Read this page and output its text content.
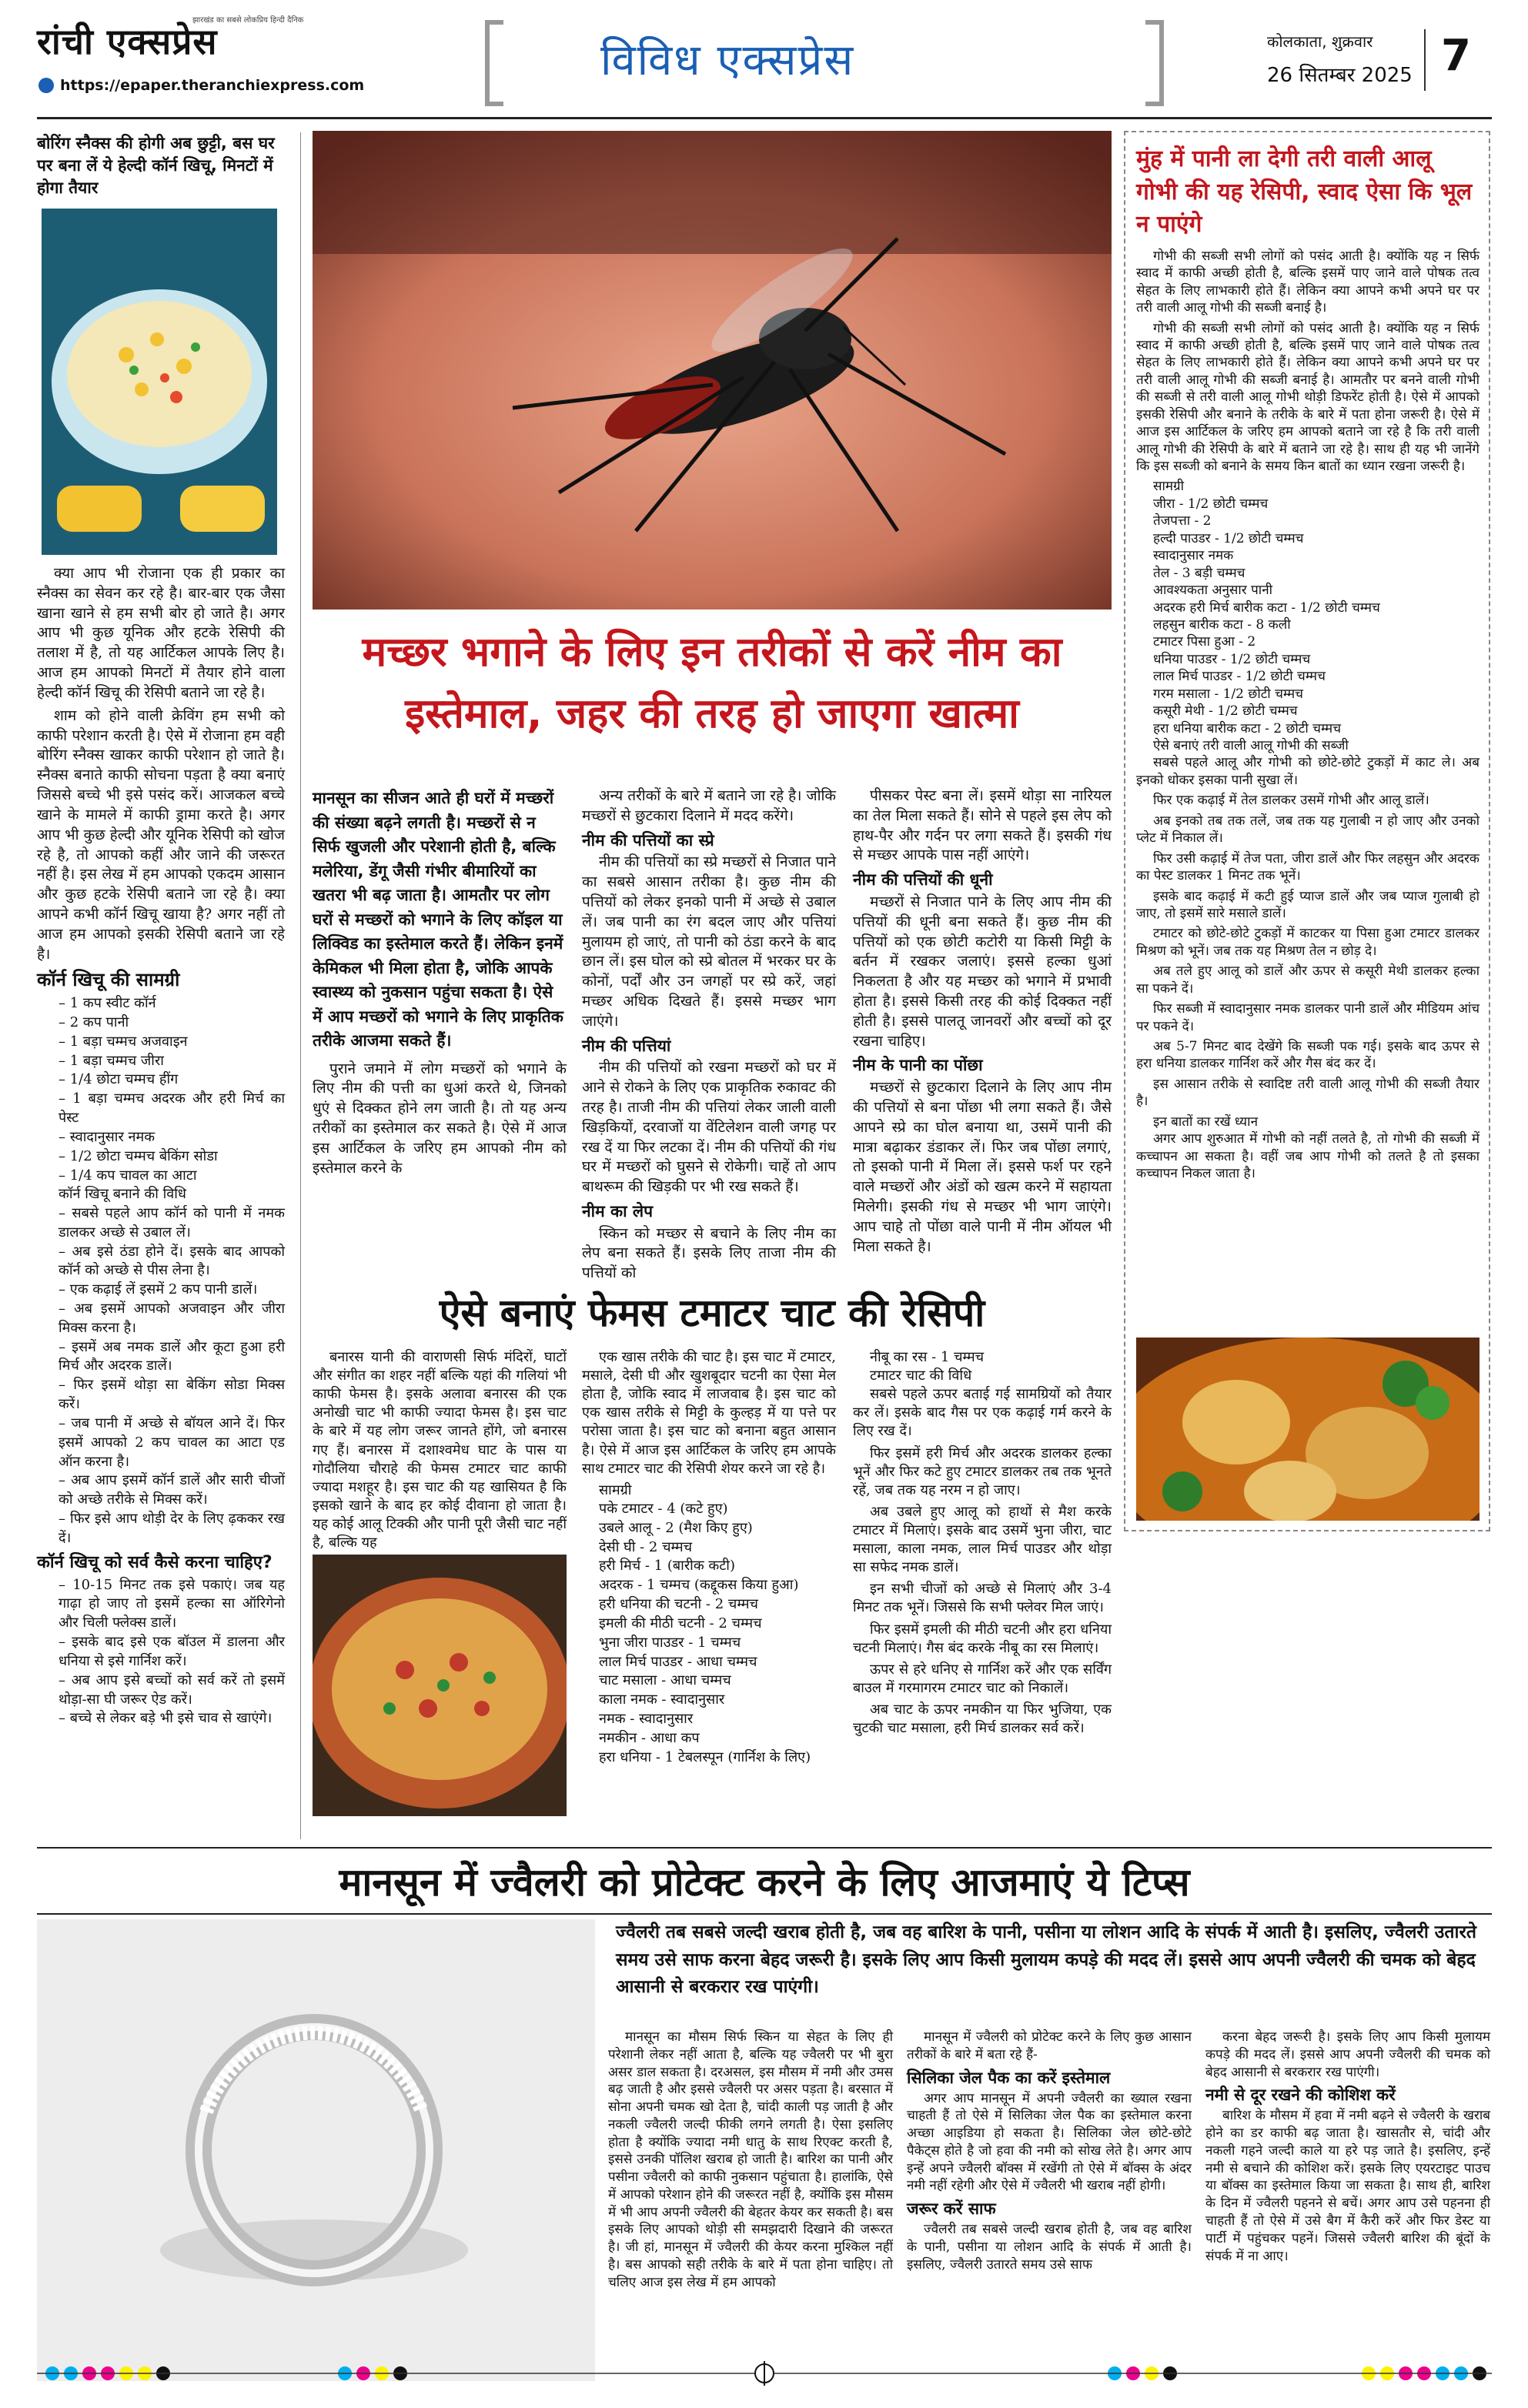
रांची एक्सप्रेस
झारखंड का सबसे लोकप्रिय हिन्दी दैनिक
https://epaper.theranchiexpress.com	विविध एक्सप्रेस	कोलकाता, शुक्रवार
26 सितम्बर 2025 7
बोरिंग स्नैक्स की होगी अब छुट्टी, बस घर पर बना लें ये हेल्दी कॉर्न खिचू, मिनटों में होगा तैयार

क्या आप भी रोजाना एक ही प्रकार का स्नैक्स का सेवन कर रहे है। बार-बार एक जैसा खाना खाने से हम सभी बोर हो जाते है। अगर आप भी कुछ यूनिक और हटके रेसिपी की तलाश में है, तो यह आर्टिकल आपके लिए है। आज हम आपको मिनटों में तैयार होने वाला हेल्दी कॉर्न खिचू की रेसिपी बताने जा रहे है।

शाम को होने वाली क्रेविंग हम सभी को काफी परेशान करती है। ऐसे में रोजाना हम वही बोरिंग स्नैक्स खाकर काफी परेशान हो जाते है। स्नैक्स बनाते काफी सोचना पड़ता है क्या बनाएं जिससे बच्चे भी इसे पसंद करें। आजकल बच्चे खाने के मामले में काफी ड्रामा करते है। अगर आप भी कुछ हेल्दी और यूनिक रेसिपी को खोज रहे है, तो आपको कहीं और जाने की जरूरत नहीं है। इस लेख में हम आपको एकदम आसान और कुछ हटके रेसिपी बताने जा रहे है। क्या आपने कभी कॉर्न खिचू खाया है? अगर नहीं तो आज हम आपको इसकी रेसिपी बताने जा रहे है।

कॉर्न खिचू की सामग्री
– 1 कप स्वीट कॉर्न
– 2 कप पानी
– 1 बड़ा चम्मच अजवाइन
– 1 बड़ा चम्मच जीरा
– 1/4 छोटा चम्मच हींग
– 1 बड़ा चम्मच अदरक और हरी मिर्च का पेस्ट
– स्वादानुसार नमक
– 1/2 छोटा चम्मच बेकिंग सोडा
– 1/4 कप चावल का आटा
कॉर्न खिचू बनाने की विधि
– सबसे पहले आप कॉर्न को पानी में नमक डालकर अच्छे से उबाल लें।
– अब इसे ठंडा होने दें। इसके बाद आपको कॉर्न को अच्छे से पीस लेना है।
– एक कढ़ाई लें इसमें 2 कप पानी डालें।
– अब इसमें आपको अजवाइन और जीरा मिक्स करना है।
– इसमें अब नमक डालें और कूटा हुआ हरी मिर्च और अदरक डालें।
– फिर इसमें थोड़ा सा बेकिंग सोडा मिक्स करें।
– जब पानी में अच्छे से बॉयल आने दें। फिर इसमें आपको 2 कप चावल का आटा एड ऑन करना है।
– अब आप इसमें कॉर्न डालें और सारी चीजों को अच्छे तरीके से मिक्स करें।
– फिर इसे आप थोड़ी देर के लिए ढ़ककर रख दें।
कॉर्न खिचू को सर्व कैसे करना चाहिए?
– 10-15 मिनट तक इसे पकाएं। जब यह गाढ़ा हो जाए तो इसमें हल्का सा ऑरिगेनो और चिली फ्लेक्स डालें।
– इसके बाद इसे एक बॉउल में डालना और धनिया से इसे गार्निश करें।
– अब आप इसे बच्चों को सर्व करें तो इसमें थोड़ा-सा घी जरूर ऐड करें।
– बच्चे से लेकर बड़े भी इसे चाव से खाएंगे।
मच्छर भगाने के लिए इन तरीकों से करें नीम का
इस्तेमाल, जहर की तरह हो जाएगा खात्मा
मानसून का सीजन आते ही घरों में मच्छरों की संख्या बढ़ने लगती है। मच्छरों से न सिर्फ खुजली और परेशानी होती है, बल्कि मलेरिया, डेंगू जैसी गंभीर बीमारियों का खतरा भी बढ़ जाता है। आमतौर पर लोग घरों से मच्छरों को भगाने के लिए कॉइल या लिक्विड का इस्तेमाल करते हैं। लेकिन इनमें केमिकल भी मिला होता है, जोकि आपके स्वास्थ्य को नुकसान पहुंचा सकता है। ऐसे में आप मच्छरों को भगाने के लिए प्राकृतिक तरीके आजमा सकते हैं।

पुराने जमाने में लोग मच्छरों को भगाने के लिए नीम की पत्ती का धुआं करते थे, जिनको धुएं से दिक्कत होने लग जाती है। तो यह अन्य तरीकों का इस्तेमाल कर सकते है। ऐसे में आज इस आर्टिकल के जरिए हम आपको नीम को इस्तेमाल करने के

अन्य तरीकों के बारे में बताने जा रहे है। जोकि मच्छरों से छुटकारा दिलाने में मदद करेंगे।

नीम की पत्तियों का स्प्रे

नीम की पत्तियों का स्प्रे मच्छरों से निजात पाने का सबसे आसान तरीका है। कुछ नीम की पत्तियों को लेकर इनको पानी में अच्छे से उबाल लें। जब पानी का रंग बदल जाए और पत्तियां मुलायम हो जाएं, तो पानी को ठंडा करने के बाद छान लें। इस घोल को स्प्रे बोतल में भरकर घर के कोनों, पर्दों और उन जगहों पर स्प्रे करें, जहां मच्छर अधिक दिखते हैं। इससे मच्छर भाग जाएंगे।

नीम की पत्तियां

नीम की पत्तियों को रखना मच्छरों को घर में आने से रोकने के लिए एक प्राकृतिक रुकावट की तरह है। ताजी नीम की पत्तियां लेकर जाली वाली खिड़कियों, दरवाजों या वेंटिलेशन वाली जगह पर रख दें या फिर लटका दें। नीम की पत्तियों की गंध घर में मच्छरों को घुसने से रोकेगी। चाहें तो आप बाथरूम की खिड़की पर भी रख सकते हैं।

नीम का लेप

स्किन को मच्छर से बचाने के लिए नीम का लेप बना सकते हैं। इसके लिए ताजा नीम की पत्तियों को

पीसकर पेस्ट बना लें। इसमें थोड़ा सा नारियल का तेल मिला सकते हैं। सोने से पहले इस लेप को हाथ-पैर और गर्दन पर लगा सकते हैं। इसकी गंध से मच्छर आपके पास नहीं आएंगे।

नीम की पत्तियों की धूनी

मच्छरों से निजात पाने के लिए आप नीम की पत्तियों की धूनी बना सकते हैं। कुछ नीम की पत्तियों को एक छोटी कटोरी या किसी मिट्टी के बर्तन में रखकर जलाएं। इससे हल्का धुआं निकलता है और यह मच्छर को भगाने में प्रभावी होता है। इससे किसी तरह की कोई दिक्कत नहीं होती है। इससे पालतू जानवरों और बच्चों को दूर रखना चाहिए।

नीम के पानी का पोंछा

मच्छरों से छुटकारा दिलाने के लिए आप नीम की पत्तियों से बना पोंछा भी लगा सकते हैं। जैसे आपने स्प्रे का घोल बनाया था, उसमें पानी की मात्रा बढ़ाकर डंडाकर लें। फिर जब पोंछा लगाएं, तो इसको पानी में मिला लें। इससे फर्श पर रहने वाले मच्छरों और अंडों को खत्म करने में सहायता मिलेगी। इसकी गंध से मच्छर भी भाग जाएंगे। आप चाहे तो पोंछा वाले पानी में नीम ऑयल भी मिला सकते है।

मुंह में पानी ला देगी तरी वाली आलू गोभी की यह रेसिपी, स्वाद ऐसा कि भूल न पाएंगे

गोभी की सब्जी सभी लोगों को पसंद आती है। क्योंकि यह न सिर्फ स्वाद में काफी अच्छी होती है, बल्कि इसमें पाए जाने वाले पोषक तत्व सेहत के लिए लाभकारी होते हैं। लेकिन क्या आपने कभी अपने घर पर तरी वाली आलू गोभी की सब्जी बनाई है।

गोभी की सब्जी सभी लोगों को पसंद आती है। क्योंकि यह न सिर्फ स्वाद में काफी अच्छी होती है, बल्कि इसमें पाए जाने वाले पोषक तत्व सेहत के लिए लाभकारी होते हैं। लेकिन क्या आपने कभी अपने घर पर तरी वाली आलू गोभी की सब्जी बनाई है। आमतौर पर बनने वाली गोभी की सब्जी से तरी वाली आलू गोभी थोड़ी डिफरेंट होती है। ऐसे में आपको इसकी रेसिपी और बनाने के तरीके के बारे में पता होना जरूरी है। ऐसे में आज इस आर्टिकल के जरिए हम आपको बताने जा रहे है कि तरी वाली आलू गोभी की रेसिपी के बारे में बताने जा रहे है। साथ ही यह भी जानेंगे कि इस सब्जी को बनाने के समय किन बातों का ध्यान रखना जरूरी है।

सामग्री
जीरा - 1/2 छोटी चम्मच
तेजपत्ता - 2
हल्दी पाउडर - 1/2 छोटी चम्मच
स्वादानुसार नमक
तेल - 3 बड़ी चम्मच
आवश्यकता अनुसार पानी
अदरक हरी मिर्च बारीक कटा - 1/2 छोटी चम्मच
लहसुन बारीक कटा - 8 कली
टमाटर पिसा हुआ - 2
धनिया पाउडर - 1/2 छोटी चम्मच
लाल मिर्च पाउडर - 1/2 छोटी चम्मच
गरम मसाला - 1/2 छोटी चम्मच
कसूरी मेथी - 1/2 छोटी चम्मच
हरा धनिया बारीक कटा - 2 छोटी चम्मच
ऐसे बनाएं तरी वाली आलू गोभी की सब्जी

सबसे पहले आलू और गोभी को छोटे-छोटे टुकड़ों में काट ले। अब इनको धोकर इसका पानी सुखा लें।

फिर एक कढ़ाई में तेल डालकर उसमें गोभी और आलू डालें।

अब इनको तब तक तलें, जब तक यह गुलाबी न हो जाए और उनको प्लेट में निकाल लें।

फिर उसी कढ़ाई में तेज पता, जीरा डालें और फिर लहसुन और अदरक का पेस्ट डालकर 1 मिनट तक भूनें।

इसके बाद कढ़ाई में कटी हुई प्याज डालें और जब प्याज गुलाबी हो जाए, तो इसमें सारे मसाले डालें।

टमाटर को छोटे-छोटे टुकड़ों में काटकर या पिसा हुआ टमाटर डालकर मिश्रण को भूनें। जब तक यह मिश्रण तेल न छोड़ दे।

अब तले हुए आलू को डालें और ऊपर से कसूरी मेथी डालकर हल्का सा पकने दें।

फिर सब्जी में स्वादानुसार नमक डालकर पानी डालें और मीडियम आंच पर पकने दें।

अब 5-7 मिनट बाद देखेंगे कि सब्जी पक गई। इसके बाद ऊपर से हरा धनिया डालकर गार्निश करें और गैस बंद कर दें।

इस आसान तरीके से स्वादिष्ट तरी वाली आलू गोभी की सब्जी तैयार है।

इन बातों का रखें ध्यान

अगर आप शुरुआत में गोभी को नहीं तलते है, तो गोभी की सब्जी में कच्चापन आ सकता है। वहीं जब आप गोभी को तलते है तो इसका कच्चापन निकल जाता है।

ऐसे बनाएं फेमस टमाटर चाट की रेसिपी

बनारस यानी की वाराणसी सिर्फ मंदिरों, घाटों और संगीत का शहर नहीं बल्कि यहां की गलियां भी काफी फेमस है। इसके अलावा बनारस की एक अनोखी चाट भी काफी ज्यादा फेमस है। इस चाट के बारे में यह लोग जरूर जानते होंगे, जो बनारस गए हैं। बनारस में दशाश्वमेध घाट के पास या गोदौलिया चौराहे की फेमस टमाटर चाट काफी ज्यादा मशहूर है। इस चाट की यह खासियत है कि इसको खाने के बाद हर कोई दीवाना हो जाता है। यह कोई आलू टिक्की और पानी पूरी जैसी चाट नहीं है, बल्कि यह

एक खास तरीके की चाट है। इस चाट में टमाटर, मसाले, देसी घी और खुशबूदार चटनी का ऐसा मेल होता है, जोकि स्वाद में लाजवाब है। इस चाट को एक खास तरीके से मिट्टी के कुल्हड़ में या पत्ते पर परोसा जाता है। इस चाट को बनाना बहुत आसान है। ऐसे में आज इस आर्टिकल के जरिए हम आपके साथ टमाटर चाट की रेसिपी शेयर करने जा रहे है।

सामग्री
पके टमाटर - 4 (कटे हुए)
उबले आलू - 2 (मैश किए हुए)
देसी घी - 2 चम्मच
हरी मिर्च - 1 (बारीक कटी)
अदरक - 1 चम्मच (कद्दूकस किया हुआ)
हरी धनिया की चटनी - 2 चम्मच
इमली की मीठी चटनी - 2 चम्मच
भुना जीरा पाउडर - 1 चम्मच
लाल मिर्च पाउडर - आधा चम्मच
चाट मसाला - आधा चम्मच
काला नमक - स्वादानुसार
नमक - स्वादानुसार
नमकीन - आधा कप
हरा धनिया - 1 टेबलस्पून (गार्निश के लिए)
नीबू का रस - 1 चम्मच
टमाटर चाट की विधि

सबसे पहले ऊपर बताई गई सामग्रियों को तैयार कर लें। इसके बाद गैस पर एक कढ़ाई गर्म करने के लिए रख दें।

फिर इसमें हरी मिर्च और अदरक डालकर हल्का भूनें और फिर कटे हुए टमाटर डालकर तब तक भूनते रहें, जब तक यह नरम न हो जाए।

अब उबले हुए आलू को हाथों से मैश करके टमाटर में मिलाएं। इसके बाद उसमें भुना जीरा, चाट मसाला, काला नमक, लाल मिर्च पाउडर और थोड़ा सा सफेद नमक डालें।

इन सभी चीजों को अच्छे से मिलाएं और 3-4 मिनट तक भूनें। जिससे कि सभी फ्लेवर मिल जाएं।

फिर इसमें इमली की मीठी चटनी और हरा धनिया चटनी मिलाएं। गैस बंद करके नीबू का रस मिलाएं।

ऊपर से हरे धनिए से गार्निश करें और एक सर्विंग बाउल में गरमागरम टमाटर चाट को निकालें।

अब चाट के ऊपर नमकीन या फिर भुजिया, एक चुटकी चाट मसाला, हरी मिर्च डालकर सर्व करें।

मानसून में ज्वैलरी को प्रोटेक्ट करने के लिए आजमाएं ये टिप्स
ज्वैलरी तब सबसे जल्दी खराब होती है, जब वह बारिश के पानी, पसीना या लोशन आदि के संपर्क में आती है। इसलिए, ज्वैलरी उतारते समय उसे साफ करना बेहद जरूरी है। इसके लिए आप किसी मुलायम कपड़े की मदद लें। इससे आप अपनी ज्वैलरी की चमक को बेहद आसानी से बरकरार रख पाएंगी।

मानसून का मौसम सिर्फ स्किन या सेहत के लिए ही परेशानी लेकर नहीं आता है, बल्कि यह ज्वैलरी पर भी बुरा असर डाल सकता है। दरअसल, इस मौसम में नमी और उमस बढ़ जाती है और इससे ज्वैलरी पर असर पड़ता है। बरसात में सोना अपनी चमक खो देता है, चांदी काली पड़ जाती है और नकली ज्वैलरी जल्दी फीकी लगने लगती है। ऐसा इसलिए होता है क्योंकि ज्यादा नमी धातु के साथ रिएक्ट करती है, इससे उनकी पॉलिश खराब हो जाती है। बारिश का पानी और पसीना ज्वैलरी को काफी नुकसान पहुंचाता है। हालांकि, ऐसे में आपको परेशान होने की जरूरत नहीं है, क्योंकि इस मौसम में भी आप अपनी ज्वैलरी की बेहतर केयर कर सकती है। बस इसके लिए आपको थोड़ी सी समझदारी दिखाने की जरूरत है। जी हां, मानसून में ज्वैलरी की केयर करना मुश्किल नहीं है। बस आपको सही तरीके के बारे में पता होना चाहिए। तो चलिए आज इस लेख में हम आपको

मानसून में ज्वैलरी को प्रोटेक्ट करने के लिए कुछ आसान तरीकों के बारे में बता रहे हैं-

सिलिका जेल पैक का करें इस्तेमाल

अगर आप मानसून में अपनी ज्वैलरी का ख्याल रखना चाहती हैं तो ऐसे में सिलिका जेल पैक का इस्तेमाल करना अच्छा आइडिया हो सकता है। सिलिका जेल छोटे-छोटे पैकेट्स होते है जो हवा की नमी को सोख लेते है। अगर आप इन्हें अपने ज्वैलरी बॉक्स में रखेंगी तो ऐसे में बॉक्स के अंदर नमी नहीं रहेगी और ऐसे में ज्वैलरी भी खराब नहीं होगी।

जरूर करें साफ

ज्वैलरी तब सबसे जल्दी खराब होती है, जब वह बारिश के पानी, पसीना या लोशन आदि के संपर्क में आती है। इसलिए, ज्वैलरी उतारते समय उसे साफ

करना बेहद जरूरी है। इसके लिए आप किसी मुलायम कपड़े की मदद लें। इससे आप अपनी ज्वैलरी की चमक को बेहद आसानी से बरकरार रख पाएंगी।

नमी से दूर रखने की कोशिश करें

बारिश के मौसम में हवा में नमी बढ़ने से ज्वैलरी के खराब होने का डर काफी बढ़ जाता है। खासतौर से, चांदी और नकली गहने जल्दी काले या हरे पड़ जाते है। इसलिए, इन्हें नमी से बचाने की कोशिश करें। इसके लिए एयरटाइट पाउच या बॉक्स का इस्तेमाल किया जा सकता है। साथ ही, बारिश के दिन में ज्वैलरी पहनने से बचें। अगर आप उसे पहनना ही चाहती हैं तो ऐसे में उसे बैग में कैरी करें और फिर डेस्ट या पार्टी में पहुंचकर पहनें। जिससे ज्वैलरी बारिश की बूंदों के संपर्क में ना आए।
